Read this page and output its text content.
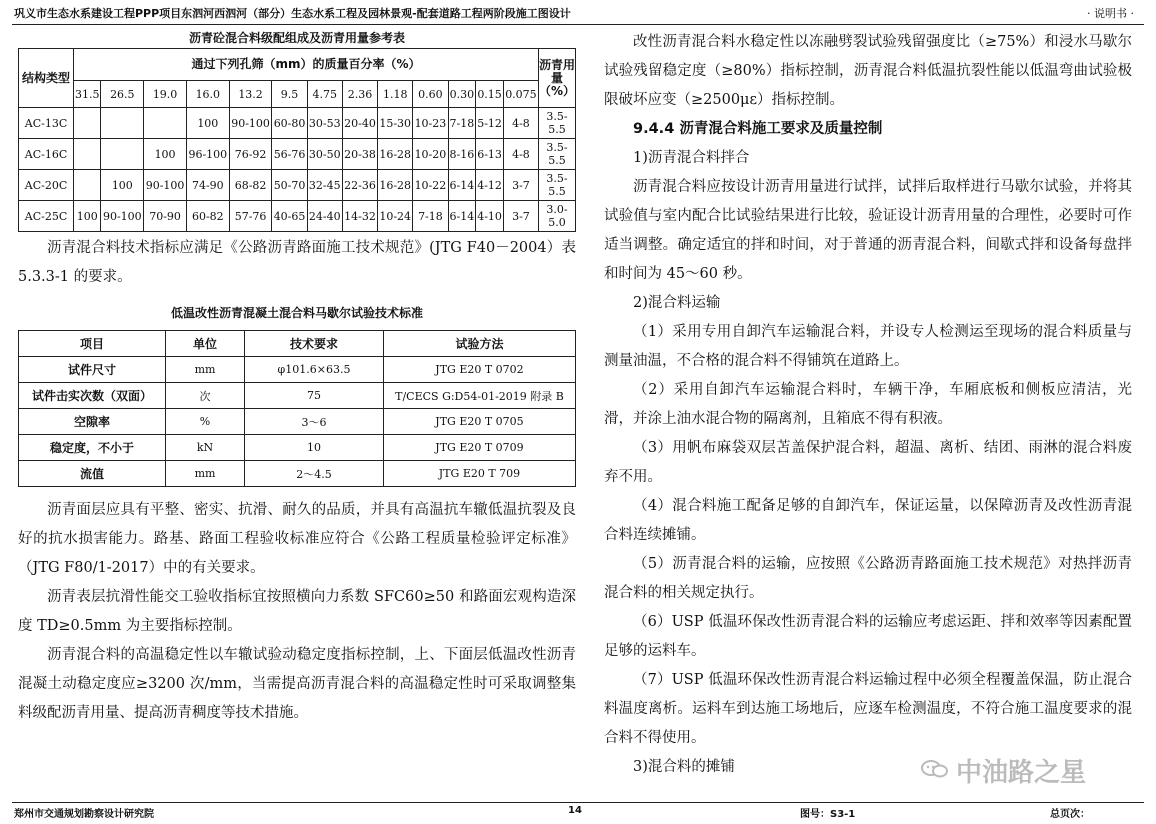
巩义市生态水系建设工程PPP项目东泗河西泗河（部分）生态水系工程及园林景观-配套道路工程两阶段施工图设计	· 说明书 ·
沥青砼混合料级配组成及沥青用量参考表
结构类型	通过下列孔筛（mm）的质量百分率（%）													沥青用量（%）
	31.5	26.5	19.0	16.0	13.2	9.5	4.75	2.36	1.18	0.60	0.30	0.15	0.075	
AC-13C				100	90-100	60-80	30-53	20-40	15-30	10-23	7-18	5-12	4-8	3.5-5.5
AC-16C			100	96-100	76-92	56-76	30-50	20-38	16-28	10-20	8-16	6-13	4-8	3.5-5.5
AC-20C		100	90-100	74-90	68-82	50-70	32-45	22-36	16-28	10-22	6-14	4-12	3-7	3.5-5.5
AC-25C	100	90-100	70-90	60-82	57-76	40-65	24-40	14-32	10-24	7-18	6-14	4-10	3-7	3.0-5.0

沥青混合料技术指标应满足《公路沥青路面施工技术规范》(JTG F40－2004）表 5.3.3-1 的要求。

低温改性沥青混凝土混合料马歇尔试验技术标准
项目	单位	技术要求	试验方法
试件尺寸	mm	φ101.6×63.5	JTG E20 T 0702
试件击实次数（双面）	次	75	T/CECS G:D54-01-2019 附录 B
空隙率	%	3～6	JTG E20 T 0705
稳定度，不小于	kN	10	JTG E20 T 0709
流值	mm	2～4.5	JTG E20 T 709

沥青面层应具有平整、密实、抗滑、耐久的品质，并具有高温抗车辙低温抗裂及良好的抗水损害能力。路基、路面工程验收标准应符合《公路工程质量检验评定标准》（JTG F80/1-2017）中的有关要求。

沥青表层抗滑性能交工验收指标宜按照横向力系数 SFC60≥50 和路面宏观构造深度 TD≥0.5mm 为主要指标控制。

沥青混合料的高温稳定性以车辙试验动稳定度指标控制，上、下面层低温改性沥青混凝土动稳定度应≥3200 次/mm，当需提高沥青混合料的高温稳定性时可采取调整集料级配沥青用量、提高沥青稠度等技术措施。

改性沥青混合料水稳定性以冻融劈裂试验残留强度比（≥75%）和浸水马歇尔试验残留稳定度（≥80%）指标控制，沥青混合料低温抗裂性能以低温弯曲试验极限破坏应变（≥2500με）指标控制。

9.4.4 沥青混合料施工要求及质量控制

1)沥青混合料拌合

沥青混合料应按设计沥青用量进行试拌，试拌后取样进行马歇尔试验，并将其试验值与室内配合比试验结果进行比较，验证设计沥青用量的合理性，必要时可作适当调整。确定适宜的拌和时间，对于普通的沥青混合料，间歇式拌和设备每盘拌和时间为 45～60 秒。

2)混合料运输

（1）采用专用自卸汽车运输混合料，并设专人检测运至现场的混合料质量与测量油温，不合格的混合料不得铺筑在道路上。

（2）采用自卸汽车运输混合料时，车辆干净，车厢底板和侧板应清洁，光滑，并涂上油水混合物的隔离剂，且箱底不得有积液。

（3）用帆布麻袋双层苫盖保护混合料，超温、离析、结团、雨淋的混合料废弃不用。

（4）混合料施工配备足够的自卸汽车，保证运量，以保障沥青及改性沥青混合料连续摊铺。

（5）沥青混合料的运输，应按照《公路沥青路面施工技术规范》对热拌沥青混合料的相关规定执行。

（6）USP 低温环保改性沥青混合料的运输应考虑运距、拌和效率等因素配置足够的运料车。

（7）USP 低温环保改性沥青混合料运输过程中必须全程覆盖保温，防止混合料温度离析。运料车到达施工场地后，应逐车检测温度，不符合施工温度要求的混合料不得使用。

3)混合料的摊铺	中油路之星
郑州市交通规划勘察设计研究院	14	图号：S3-1	总页次：
